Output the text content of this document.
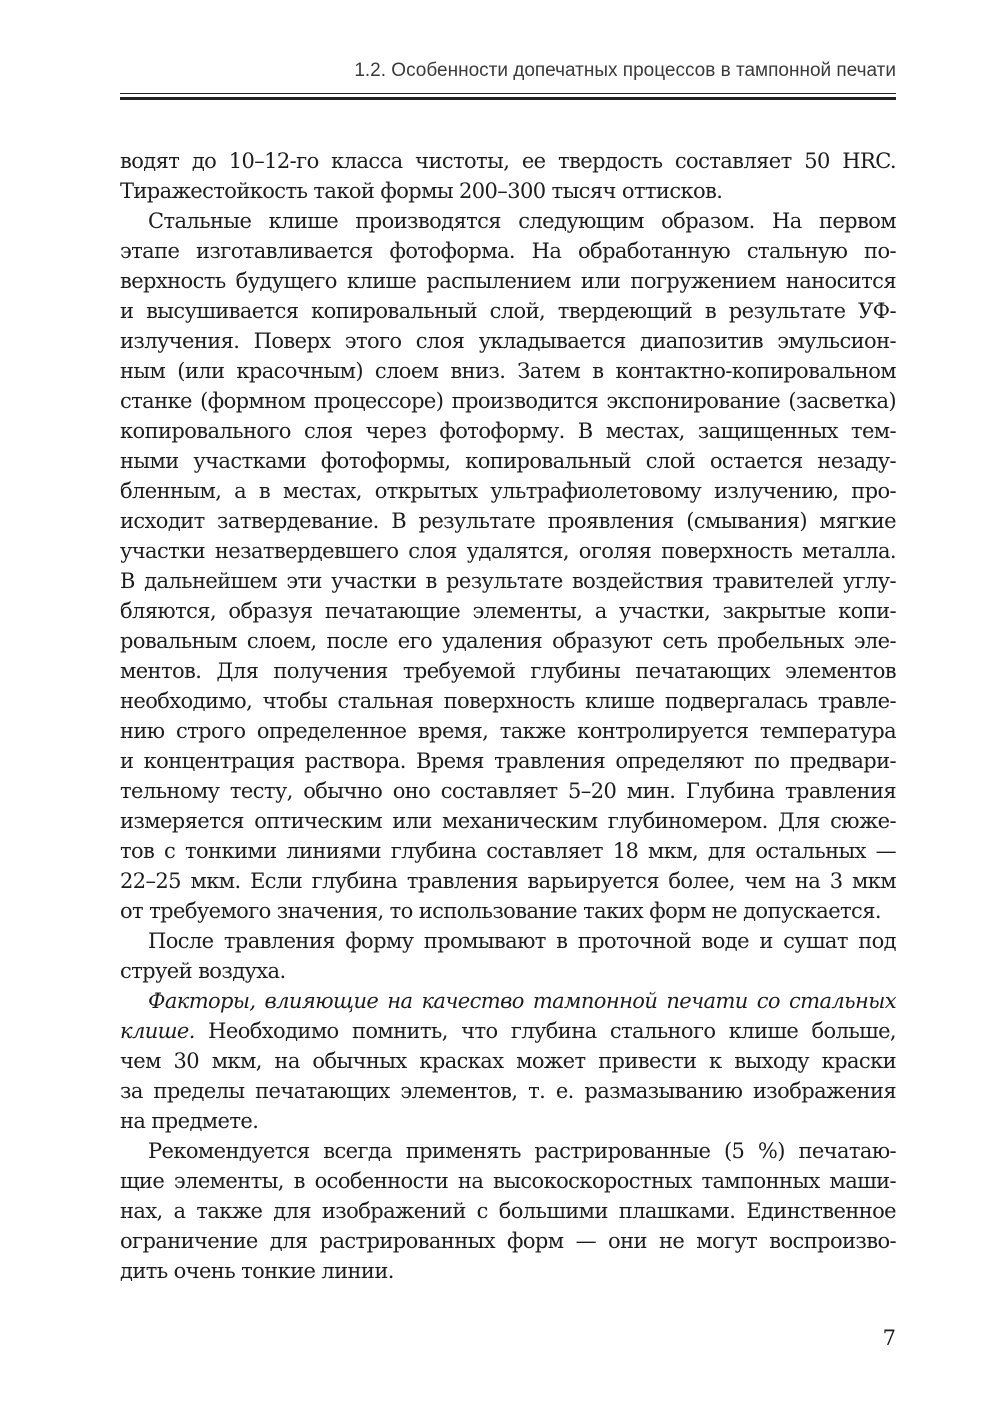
1.2. Особенности допечатных процессов в тампонной печати

водят до 10–12-го класса чистоты, ее твердость составляет 50 HRC.
Тиражестойкость такой формы 200–300 тысяч оттисков.

Стальные клише производятся следующим образом. На первом
этапе изготавливается фотоформа. На обработанную стальную по-
верхность будущего клише распылением или погружением наносится
и высушивается копировальный слой, твердеющий в результате УФ-
излучения. Поверх этого слоя укладывается диапозитив эмульсион-
ным (или красочным) слоем вниз. Затем в контактно-копировальном
станке (формном процессоре) производится экспонирование (засветка)
копировального слоя через фотоформу. В местах, защищенных тем-
ными участками фотоформы, копировальный слой остается незаду-
бленным, а в местах, открытых ультрафиолетовому излучению, про-
исходит затвердевание. В результате проявления (смывания) мягкие
участки незатвердевшего слоя удалятся, оголяя поверхность металла.
В дальнейшем эти участки в результате воздействия травителей углу-
бляются, образуя печатающие элементы, а участки, закрытые копи-
ровальным слоем, после его удаления образуют сеть пробельных эле-
ментов. Для получения требуемой глубины печатающих элементов
необходимо, чтобы стальная поверхность клише подвергалась травле-
нию строго определенное время, также контролируется температура
и концентрация раствора. Время травления определяют по предвари-
тельному тесту, обычно оно составляет 5–20 мин. Глубина травления
измеряется оптическим или механическим глубиномером. Для сюже-
тов с тонкими линиями глубина составляет 18 мкм, для остальных —
22–25 мкм. Если глубина травления варьируется более, чем на 3 мкм
от требуемого значения, то использование таких форм не допускается.

После травления форму промывают в проточной воде и сушат под
струей воздуха.

Факторы, влияющие на качество тампонной печати со стальных
клише. Необходимо помнить, что глубина стального клише больше,
чем 30 мкм, на обычных красках может привести к выходу краски
за пределы печатающих элементов, т. е. размазыванию изображения
на предмете.

Рекомендуется всегда применять растрированные (5 %) печатаю-
щие элементы, в особенности на высокоскоростных тампонных маши-
нах, а также для изображений с большими плашками. Единственное
ограничение для растрированных форм — они не могут воспроизво-
дить очень тонкие линии.

7
